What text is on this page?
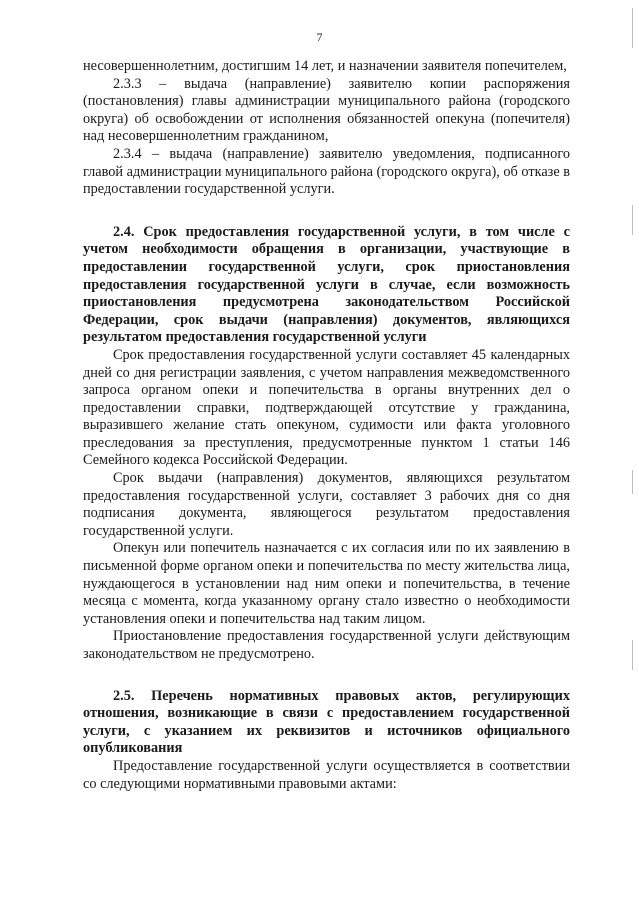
7

несовершеннолетним, достигшим 14 лет, и назначении заявителя попечителем,

2.3.3 – выдача (направление) заявителю копии распоряжения (постановления) главы администрации муниципального района (городского округа) об освобождении от исполнения обязанностей опекуна (попечителя) над несовершеннолетним гражданином,

2.3.4 – выдача (направление) заявителю уведомления, подписанного главой администрации муниципального района (городского округа), об отказе в предоставлении государственной услуги.

2.4. Срок предоставления государственной услуги, в том числе с учетом необходимости обращения в организации, участвующие в предоставлении государственной услуги, срок приостановления предоставления государственной услуги в случае, если возможность приостановления предусмотрена законодательством Российской Федерации, срок выдачи (направления) документов, являющихся результатом предоставления государственной услуги

Срок предоставления государственной услуги составляет 45 календарных дней со дня регистрации заявления, с учетом направления межведомственного запроса органом опеки и попечительства в органы внутренних дел о предоставлении справки, подтверждающей отсутствие у гражданина, выразившего желание стать опекуном, судимости или факта уголовного преследования за преступления, предусмотренные пунктом 1 статьи 146 Семейного кодекса Российской Федерации.

Срок выдачи (направления) документов, являющихся результатом предоставления государственной услуги, составляет 3 рабочих дня со дня подписания документа, являющегося результатом предоставления государственной услуги.

Опекун или попечитель назначается с их согласия или по их заявлению в письменной форме органом опеки и попечительства по месту жительства лица, нуждающегося в установлении над ним опеки и попечительства, в течение месяца с момента, когда указанному органу стало известно о необходимости установления опеки и попечительства над таким лицом.

Приостановление предоставления государственной услуги действующим законодательством не предусмотрено.

2.5. Перечень нормативных правовых актов, регулирующих отношения, возникающие в связи с предоставлением государственной услуги, с указанием их реквизитов и источников официального опубликования

Предоставление государственной услуги осуществляется в соответствии со следующими нормативными правовыми актами:
